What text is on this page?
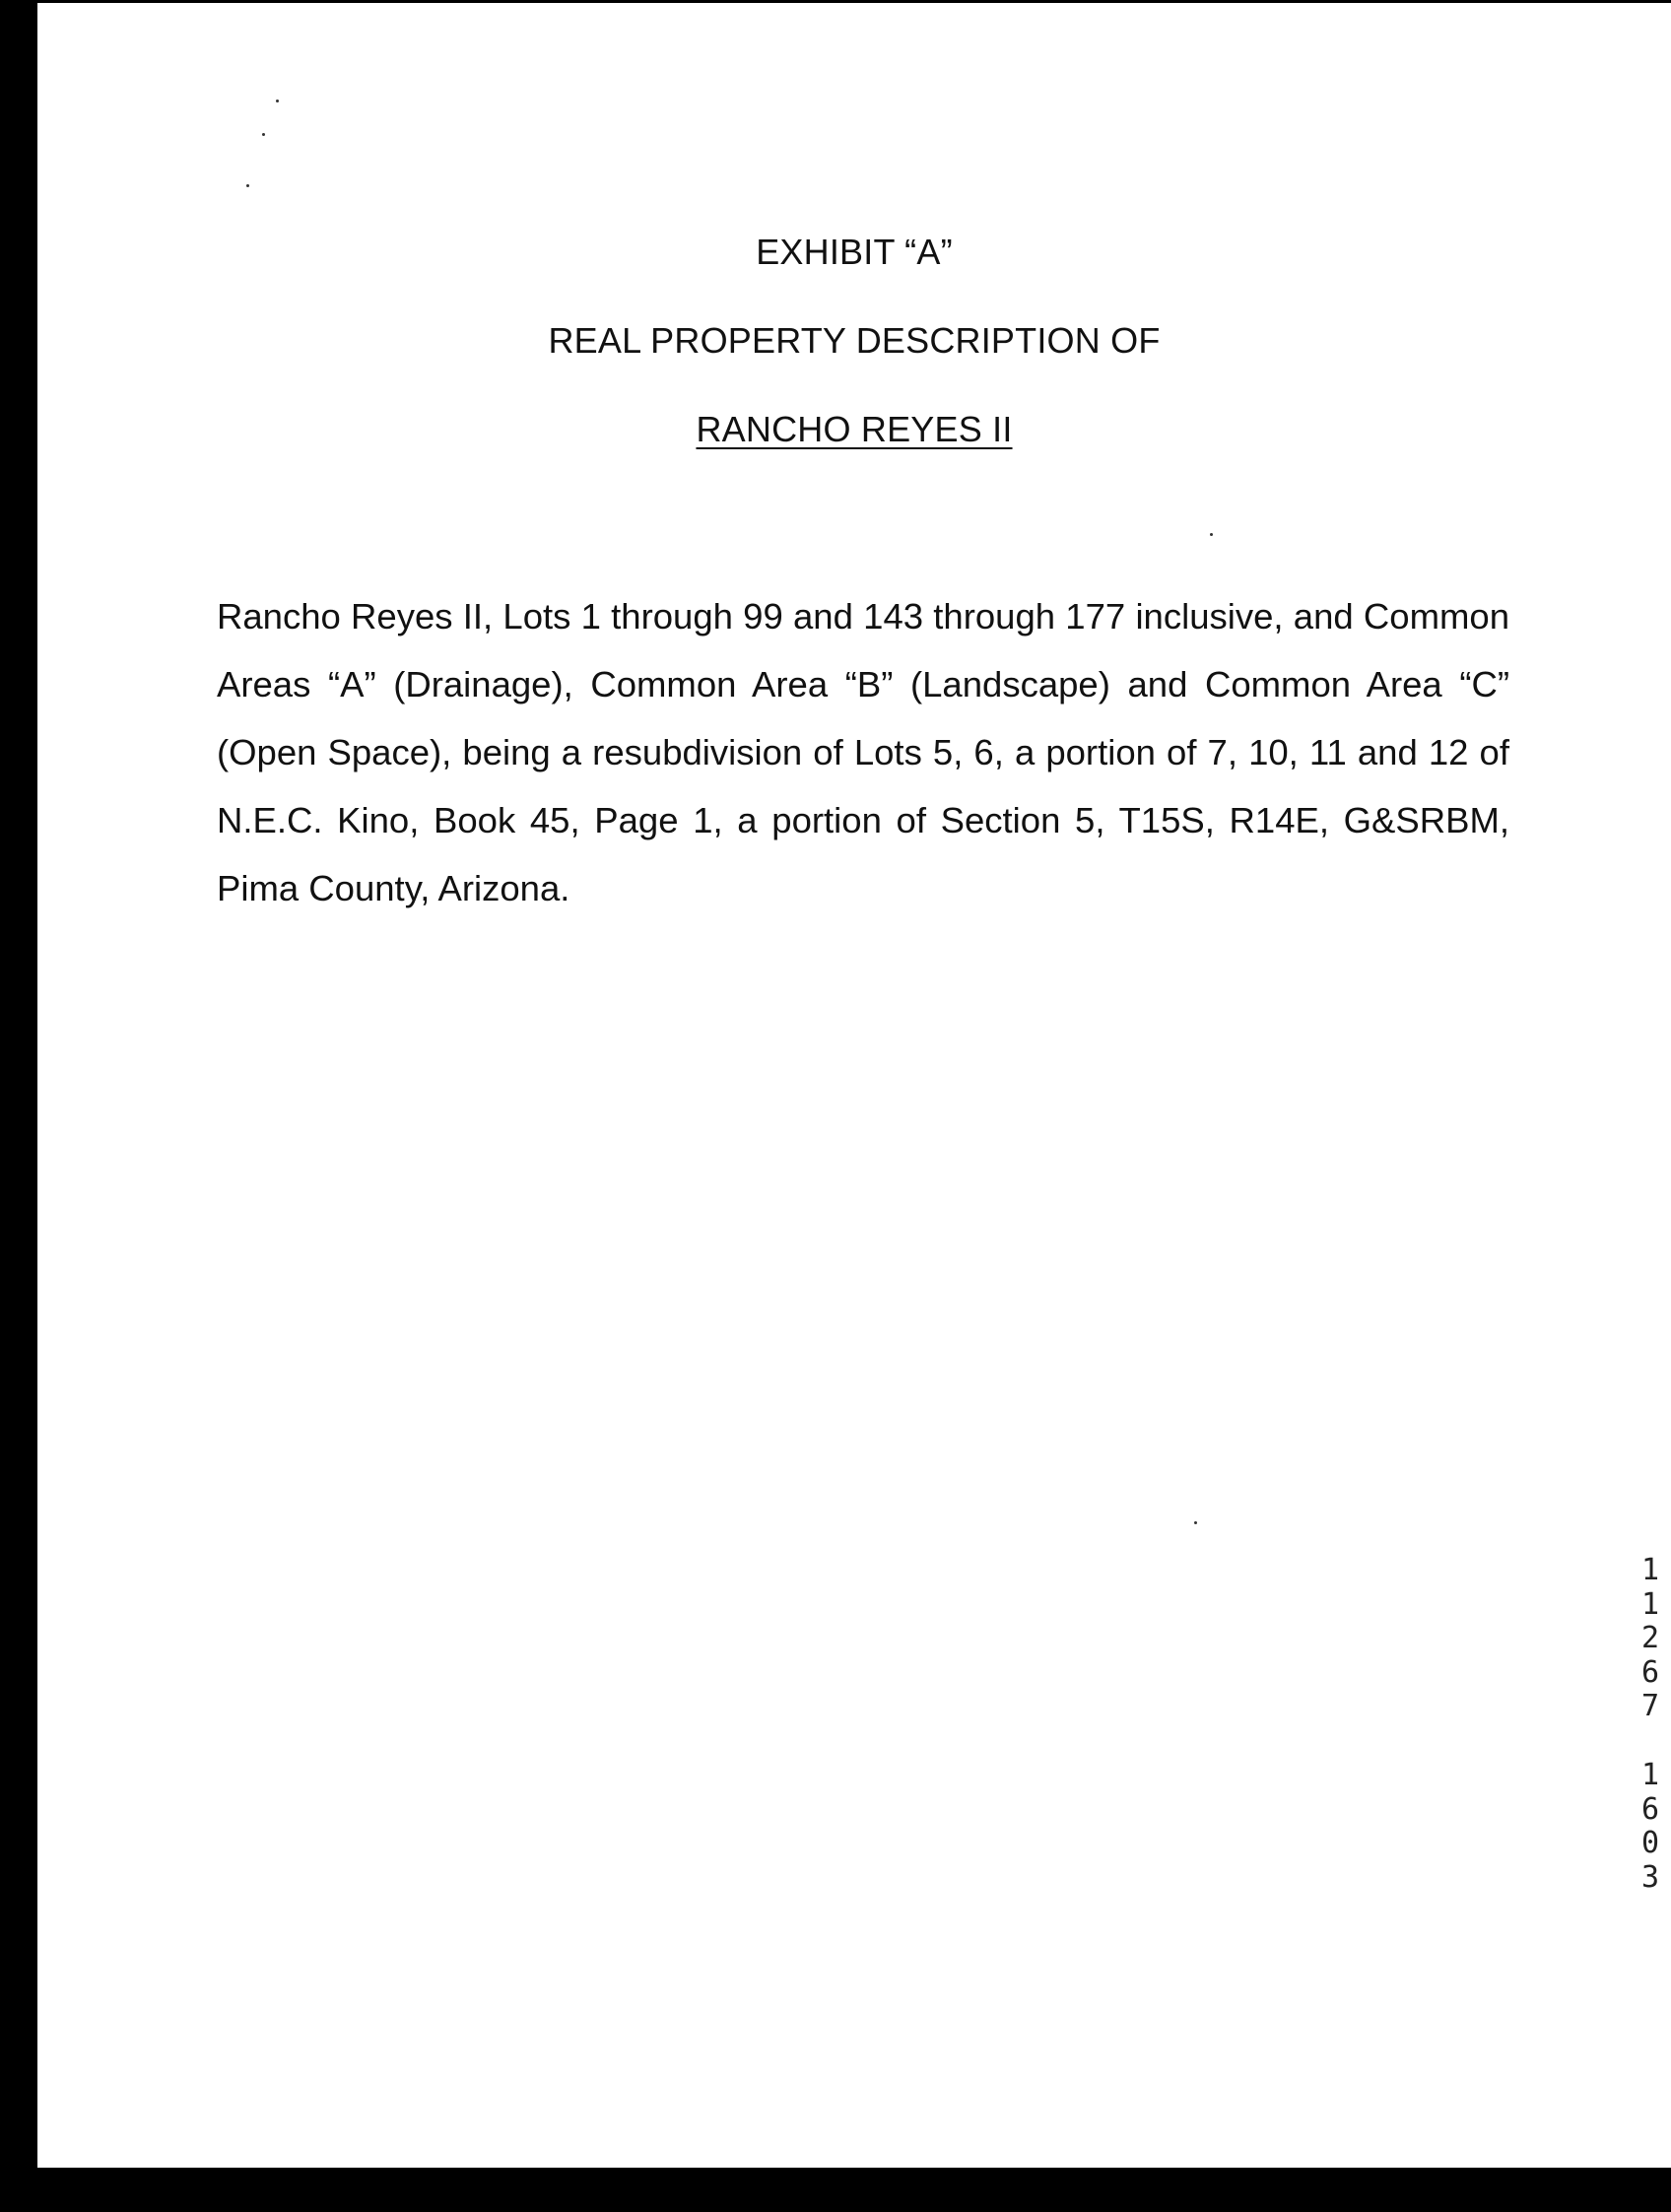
EXHIBIT “A”
REAL PROPERTY DESCRIPTION OF
RANCHO REYES II
Rancho Reyes II, Lots 1 through 99 and 143 through 177 inclusive, and Common Areas “A” (Drainage), Common Area “B” (Landscape) and Common Area “C” (Open Space), being a resubdivision of Lots 5, 6, a portion of 7, 10, 11 and 12 of N.E.C. Kino, Book 45, Page 1, a portion of Section 5, T15S, R14E, G&SRBM, Pima County, Arizona.
11267
1603
